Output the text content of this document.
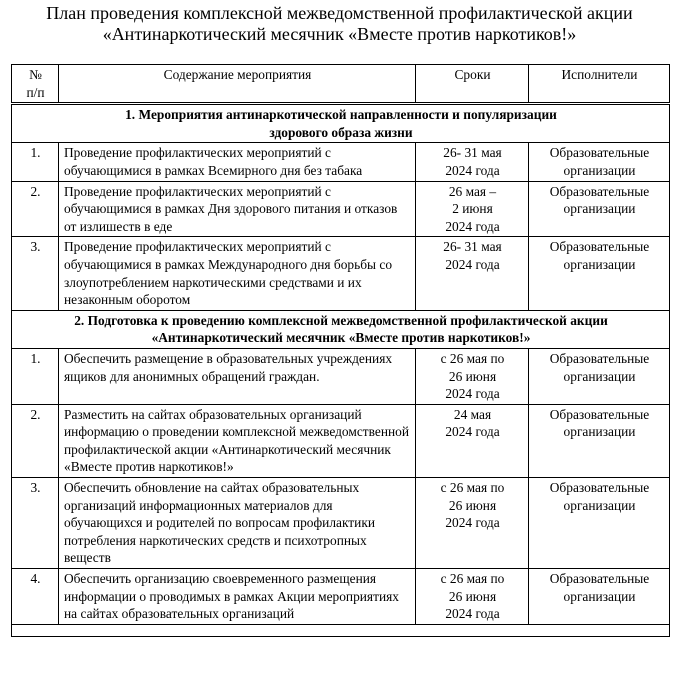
План проведения комплексной межведомственной профилактической акции
«Антинаркотический месячник «Вместе против наркотиков!»
№
п/п	Содержание мероприятия	Сроки	Исполнители

1. Мероприятия антинаркотической направленности и популяризации
здорового образа жизни			

1.	Проведение профилактических мероприятий с обучающимися в рамках Всемирного дня без табака	26- 31 мая
2024 года	Образовательные организации
2.	Проведение профилактических мероприятий с обучающимися в рамках Дня здорового питания и отказов от излишеств в еде	26 мая –
2 июня
2024 года	Образовательные организации
3.	Проведение профилактических мероприятий с обучающимися в рамках Международного дня борьбы со злоупотреблением наркотическими средствами и их незаконным оборотом	26- 31 мая
2024 года	Образовательные организации

2. Подготовка к проведению комплексной межведомственной профилактической акции
«Антинаркотический месячник «Вместе против наркотиков!»			

1.	Обеспечить размещение в образовательных учреждениях ящиков для анонимных обращений граждан.	с 26 мая по
26 июня
2024 года	Образовательные организации
2.	Разместить на сайтах образовательных организаций информацию о проведении комплексной межведомственной профилактической акции «Антинаркотический месячник «Вместе против наркотиков!»	24 мая
2024 года	Образовательные организации
3.	Обеспечить обновление на сайтах образовательных организаций информационных материалов для обучающихся и родителей по вопросам профилактики потребления наркотических средств и психотропных веществ	с 26 мая по
26 июня
2024 года	Образовательные организации
4.	Обеспечить организацию своевременного размещения информации о проводимых в рамках Акции мероприятиях на сайтах образовательных организаций	с 26 мая по
26 июня
2024 года	Образовательные организации
